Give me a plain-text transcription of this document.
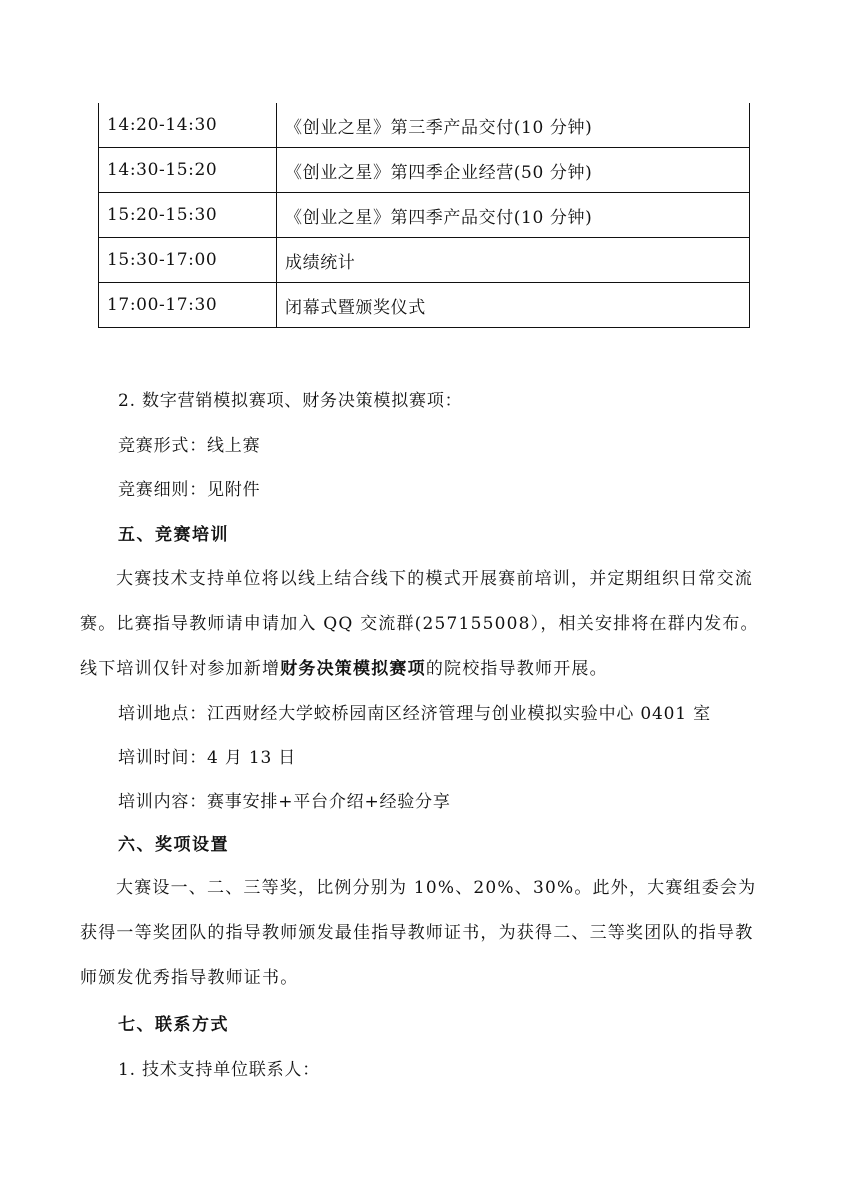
14:20-14:30	《创业之星》第三季产品交付(10 分钟)
14:30-15:20	《创业之星》第四季企业经营(50 分钟)
15:20-15:30	《创业之星》第四季产品交付(10 分钟)
15:30-17:00	成绩统计
17:00-17:30	闭幕式暨颁奖仪式
2. 数字营销模拟赛项、财务决策模拟赛项：
竞赛形式：线上赛
竞赛细则：见附件
五、竞赛培训
大赛技术支持单位将以线上结合线下的模式开展赛前培训，并定期组织日常交流赛。比赛指导教师请申请加入 QQ 交流群(257155008），相关安排将在群内发布。线下培训仅针对参加新增财务决策模拟赛项的院校指导教师开展。
培训地点：江西财经大学蛟桥园南区经济管理与创业模拟实验中心 0401 室
培训时间：4 月 13 日
培训内容：赛事安排+平台介绍+经验分享
六、奖项设置
大赛设一、二、三等奖，比例分别为 10%、20%、30%。此外，大赛组委会为获得一等奖团队的指导教师颁发最佳指导教师证书，为获得二、三等奖团队的指导教师颁发优秀指导教师证书。
七、联系方式
1. 技术支持单位联系人：
